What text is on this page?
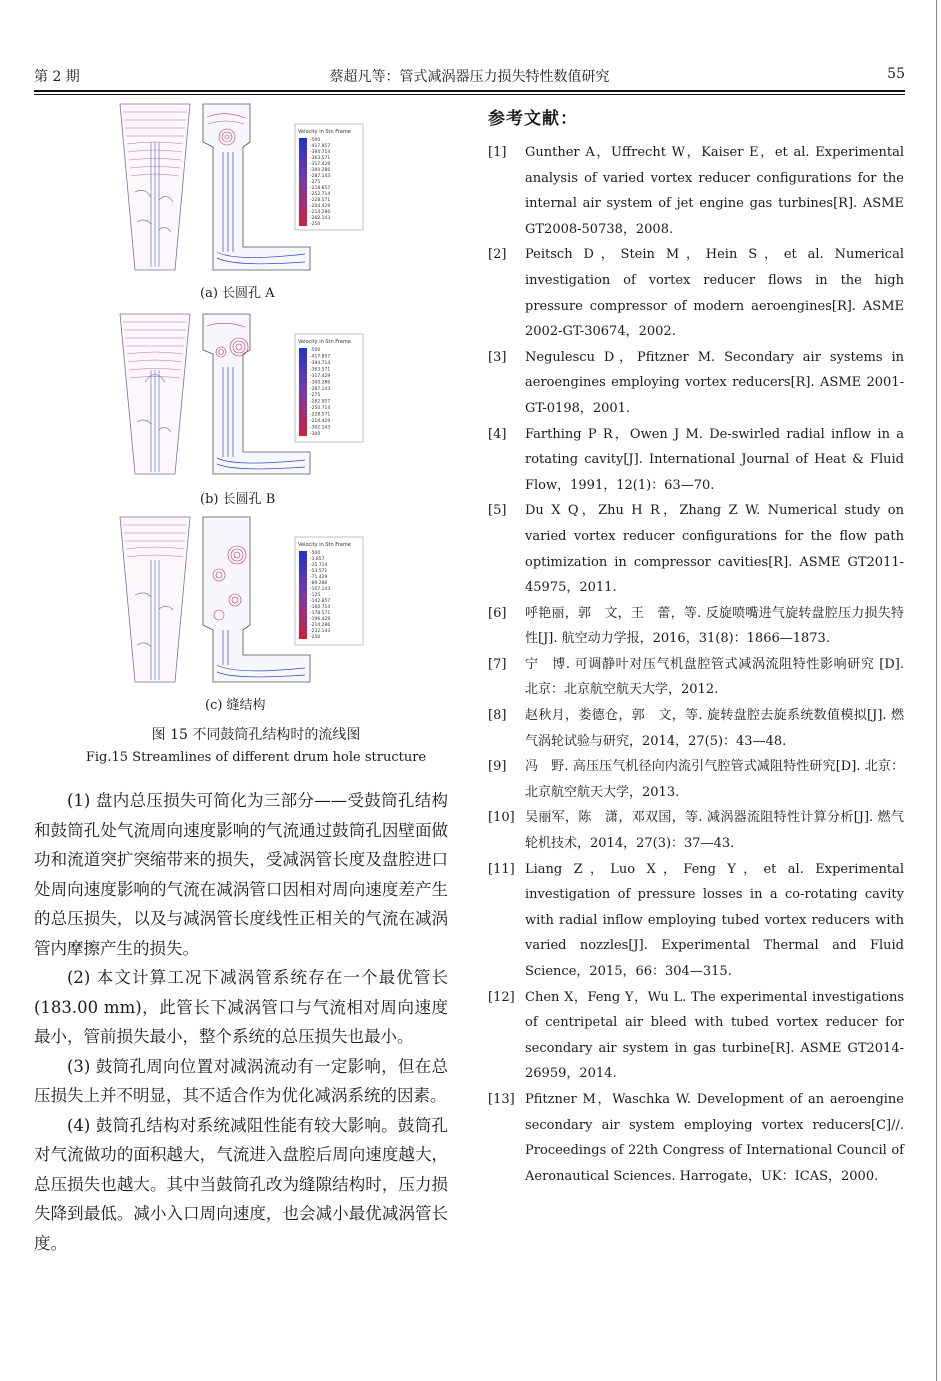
第 2 期	蔡超凡等：管式减涡器压力损失特性数值研究	55
Velocity in Stn Frame
-500
-417.857
-394.714
-363.571
-317.429
-300.286
-287.143
-275
-218.857
-252.714
-228.571
-204.429
-214.286
-262.143
-250
(a) 长圆孔 A
Velocity in Stn Frame
-500
-417.857
-394.714
-363.571
-317.429
-300.286
-287.143
-275
-262.857
-250.714
-228.571
-214.429
-302.143
-300
(b) 长圆孔 B
Velocity in Stn Frame
-500
-1.857
-35.714
-53.571
-71.429
-89.286
-107.143
-125
-142.857
-160.714
-178.571
-196.429
-214.286
-232.143
-250
(c) 缝结构
图 15 不同鼓筒孔结构时的流线图
Fig.15 Streamlines of different drum hole structure

(1) 盘内总压损失可简化为三部分——受鼓筒孔结构和鼓筒孔处气流周向速度影响的气流通过鼓筒孔因壁面做功和流道突扩突缩带来的损失，受减涡管长度及盘腔进口处周向速度影响的气流在减涡管口因相对周向速度差产生的总压损失，以及与减涡管长度线性正相关的气流在减涡管内摩擦产生的损失。

(2) 本文计算工况下减涡管系统存在一个最优管长(183.00 mm)，此管长下减涡管口与气流相对周向速度最小，管前损失最小，整个系统的总压损失也最小。

(3) 鼓筒孔周向位置对减涡流动有一定影响，但在总压损失上并不明显，其不适合作为优化减涡系统的因素。

(4) 鼓筒孔结构对系统减阻性能有较大影响。鼓筒孔对气流做功的面积越大，气流进入盘腔后周向速度越大，总压损失也越大。其中当鼓筒孔改为缝隙结构时，压力损失降到最低。减小入口周向速度，也会减小最优减涡管长度。

参考文献：
[1] Gunther A，Uffrecht W，Kaiser E，et al. Experimental analysis of varied vortex reducer configurations for the internal air system of jet engine gas turbines[R]. ASME GT2008-50738，2008.
[2] Peitsch D，Stein M，Hein S，et al. Numerical investigation of vortex reducer flows in the high pressure compressor of modern aeroengines[R]. ASME 2002-GT-30674，2002.
[3] Negulescu D，Pfitzner M. Secondary air systems in aeroengines employing vortex reducers[R]. ASME 2001-GT-0198，2001.
[4] Farthing P R，Owen J M. De-swirled radial inflow in a rotating cavity[J]. International Journal of Heat & Fluid Flow，1991，12(1)：63—70.
[5] Du X Q，Zhu H R，Zhang Z W. Numerical study on varied vortex reducer configurations for the flow path optimization in compressor cavities[R]. ASME GT2011-45975，2011.
[6] 呼艳丽，郭　文，王　蕾，等. 反旋喷嘴进气旋转盘腔压力损失特性[J]. 航空动力学报，2016，31(8)：1866—1873.
[7] 宁　博. 可调静叶对压气机盘腔管式减涡流阻特性影响研究 [D]. 北京：北京航空航天大学，2012.
[8] 赵秋月，娄德仓，郭　文，等. 旋转盘腔去旋系统数值模拟[J]. 燃气涡轮试验与研究，2014，27(5)：43—48.
[9] 冯　野. 高压压气机径向内流引气腔管式减阻特性研究[D]. 北京：北京航空航天大学，2013.
[10] 吴丽军，陈　潇，邓双国，等. 减涡器流阻特性计算分析[J]. 燃气轮机技术，2014，27(3)：37—43.
[11] Liang Z，Luo X，Feng Y，et al. Experimental investigation of pressure losses in a co-rotating cavity with radial inflow employing tubed vortex reducers with varied nozzles[J]. Experimental Thermal and Fluid Science，2015，66：304—315.
[12] Chen X，Feng Y，Wu L. The experimental investigations of centripetal air bleed with tubed vortex reducer for secondary air system in gas turbine[R]. ASME GT2014-26959，2014.
[13] Pfitzner M，Waschka W. Development of an aeroengine secondary air system employing vortex reducers[C]//. Proceedings of 22th Congress of International Council of Aeronautical Sciences. Harrogate，UK：ICAS，2000.
